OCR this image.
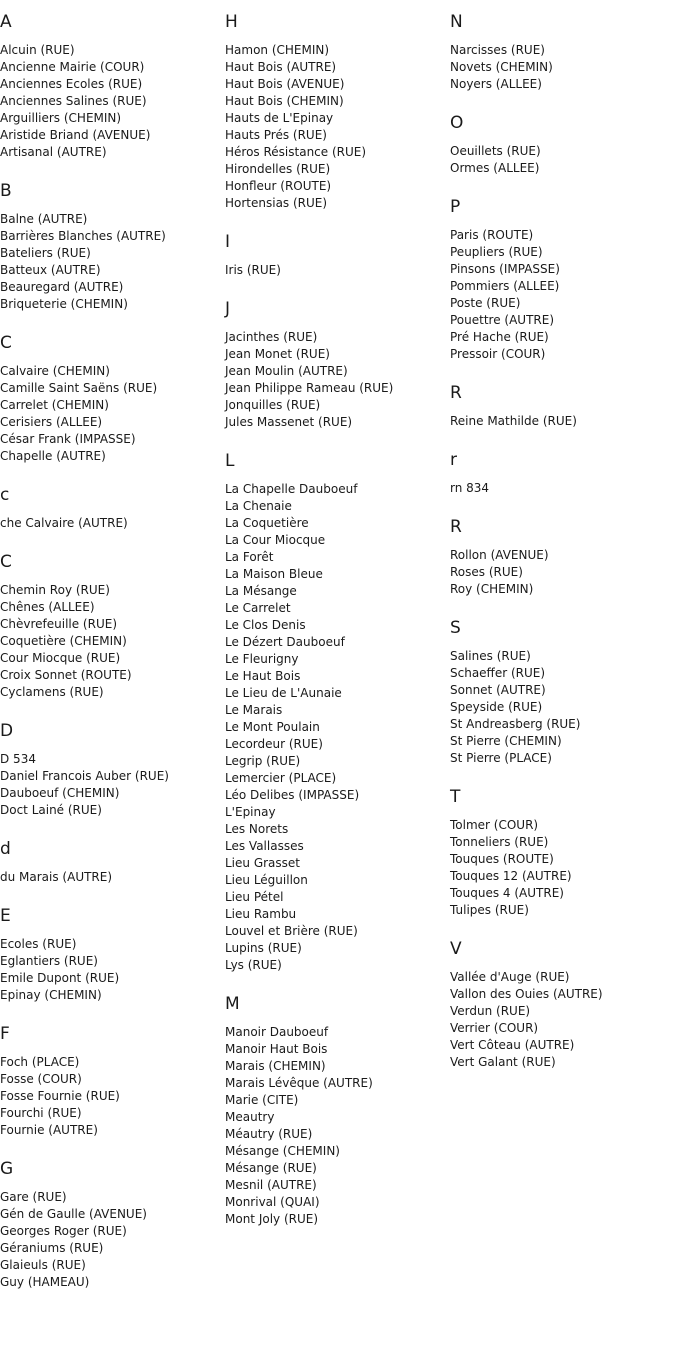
A
Alcuin (RUE)
Ancienne Mairie (COUR)
Anciennes Ecoles (RUE)
Anciennes Salines (RUE)
Arguilliers (CHEMIN)
Aristide Briand (AVENUE)
Artisanal (AUTRE)
B
Balne (AUTRE)
Barrières Blanches (AUTRE)
Bateliers (RUE)
Batteux (AUTRE)
Beauregard (AUTRE)
Briqueterie (CHEMIN)
C
Calvaire (CHEMIN)
Camille Saint Saëns (RUE)
Carrelet (CHEMIN)
Cerisiers (ALLEE)
César Frank (IMPASSE)
Chapelle (AUTRE)
c
che Calvaire (AUTRE)
C
Chemin Roy (RUE)
Chênes (ALLEE)
Chèvrefeuille (RUE)
Coquetière (CHEMIN)
Cour Miocque (RUE)
Croix Sonnet (ROUTE)
Cyclamens (RUE)
D
D 534
Daniel Francois Auber (RUE)
Dauboeuf (CHEMIN)
Doct Lainé (RUE)
d
du Marais (AUTRE)
E
Ecoles (RUE)
Eglantiers (RUE)
Emile Dupont (RUE)
Epinay (CHEMIN)
F
Foch (PLACE)
Fosse (COUR)
Fosse Fournie (RUE)
Fourchi (RUE)
Fournie (AUTRE)
G
Gare (RUE)
Gén de Gaulle (AVENUE)
Georges Roger (RUE)
Géraniums (RUE)
Glaieuls (RUE)
Guy (HAMEAU)
H
Hamon (CHEMIN)
Haut Bois (AUTRE)
Haut Bois (AVENUE)
Haut Bois (CHEMIN)
Hauts de L'Epinay
Hauts Prés (RUE)
Héros Résistance (RUE)
Hirondelles (RUE)
Honfleur (ROUTE)
Hortensias (RUE)
I
Iris (RUE)
J
Jacinthes (RUE)
Jean Monet (RUE)
Jean Moulin (AUTRE)
Jean Philippe Rameau (RUE)
Jonquilles (RUE)
Jules Massenet (RUE)
L
La Chapelle Dauboeuf
La Chenaie
La Coquetière
La Cour Miocque
La Forêt
La Maison Bleue
La Mésange
Le Carrelet
Le Clos Denis
Le Dézert Dauboeuf
Le Fleurigny
Le Haut Bois
Le Lieu de L'Aunaie
Le Marais
Le Mont Poulain
Lecordeur (RUE)
Legrip (RUE)
Lemercier (PLACE)
Léo Delibes (IMPASSE)
L'Epinay
Les Norets
Les Vallasses
Lieu Grasset
Lieu Léguillon
Lieu Pétel
Lieu Rambu
Louvel et Brière (RUE)
Lupins (RUE)
Lys (RUE)
M
Manoir Dauboeuf
Manoir Haut Bois
Marais (CHEMIN)
Marais Lévêque (AUTRE)
Marie (CITE)
Meautry
Méautry (RUE)
Mésange (CHEMIN)
Mésange (RUE)
Mesnil (AUTRE)
Monrival (QUAI)
Mont Joly (RUE)
N
Narcisses (RUE)
Novets (CHEMIN)
Noyers (ALLEE)
O
Oeuillets (RUE)
Ormes (ALLEE)
P
Paris (ROUTE)
Peupliers (RUE)
Pinsons (IMPASSE)
Pommiers (ALLEE)
Poste (RUE)
Pouettre (AUTRE)
Pré Hache (RUE)
Pressoir (COUR)
R
Reine Mathilde (RUE)
r
rn 834
R
Rollon (AVENUE)
Roses (RUE)
Roy (CHEMIN)
S
Salines (RUE)
Schaeffer (RUE)
Sonnet (AUTRE)
Speyside (RUE)
St Andreasberg (RUE)
St Pierre (CHEMIN)
St Pierre (PLACE)
T
Tolmer (COUR)
Tonneliers (RUE)
Touques (ROUTE)
Touques 12 (AUTRE)
Touques 4 (AUTRE)
Tulipes (RUE)
V
Vallée d'Auge (RUE)
Vallon des Ouies (AUTRE)
Verdun (RUE)
Verrier (COUR)
Vert Côteau (AUTRE)
Vert Galant (RUE)
